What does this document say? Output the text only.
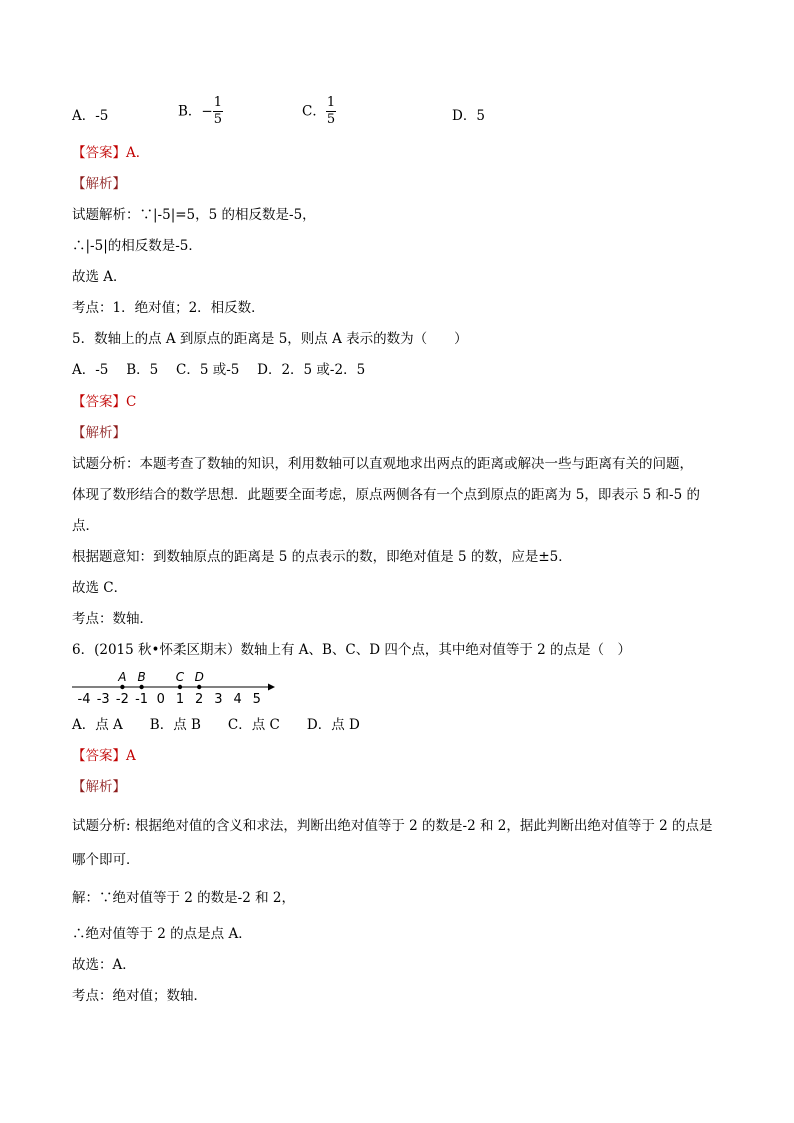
A．-5	B．− $\frac{1}{5}$	C． $\frac{1}{5}$	D．5
【答案】A．
【解析】
试题解析：∵|-5|=5，5 的相反数是-5，
∴|-5|的相反数是-5．
故选 A．
考点：1．绝对值；2．相反数．
5．数轴上的点 A 到原点的距离是 5，则点 A 表示的数为（　　）
A．-5　 B．5　 C．5 或-5　 D．2．5 或-2．5
【答案】C
【解析】
试题分析：本题考查了数轴的知识，利用数轴可以直观地求出两点的距离或解决一些与距离有关的问题，
体现了数形结合的数学思想．此题要全面考虑，原点两侧各有一个点到原点的距离为 5，即表示 5 和-5 的
点．
根据题意知：到数轴原点的距离是 5 的点表示的数，即绝对值是 5 的数，应是±5．
故选 C．
考点：数轴．
6．(2015 秋•怀柔区期末）数轴上有 A、B、C、D 四个点，其中绝对值等于 2 的点是（　）
-4 -3 -2 -1 0 1 2 3 4 5
A B	C D
A．点 A　　B．点 B　　C．点 C　　D．点 D
【答案】A
【解析】
试题分析: 根据绝对值的含义和求法，判断出绝对值等于 2 的数是-2 和 2，据此判断出绝对值等于 2 的点是
哪个即可．
解：∵绝对值等于 2 的数是-2 和 2，
∴绝对值等于 2 的点是点 A．
故选：A．
考点：绝对值；数轴．
